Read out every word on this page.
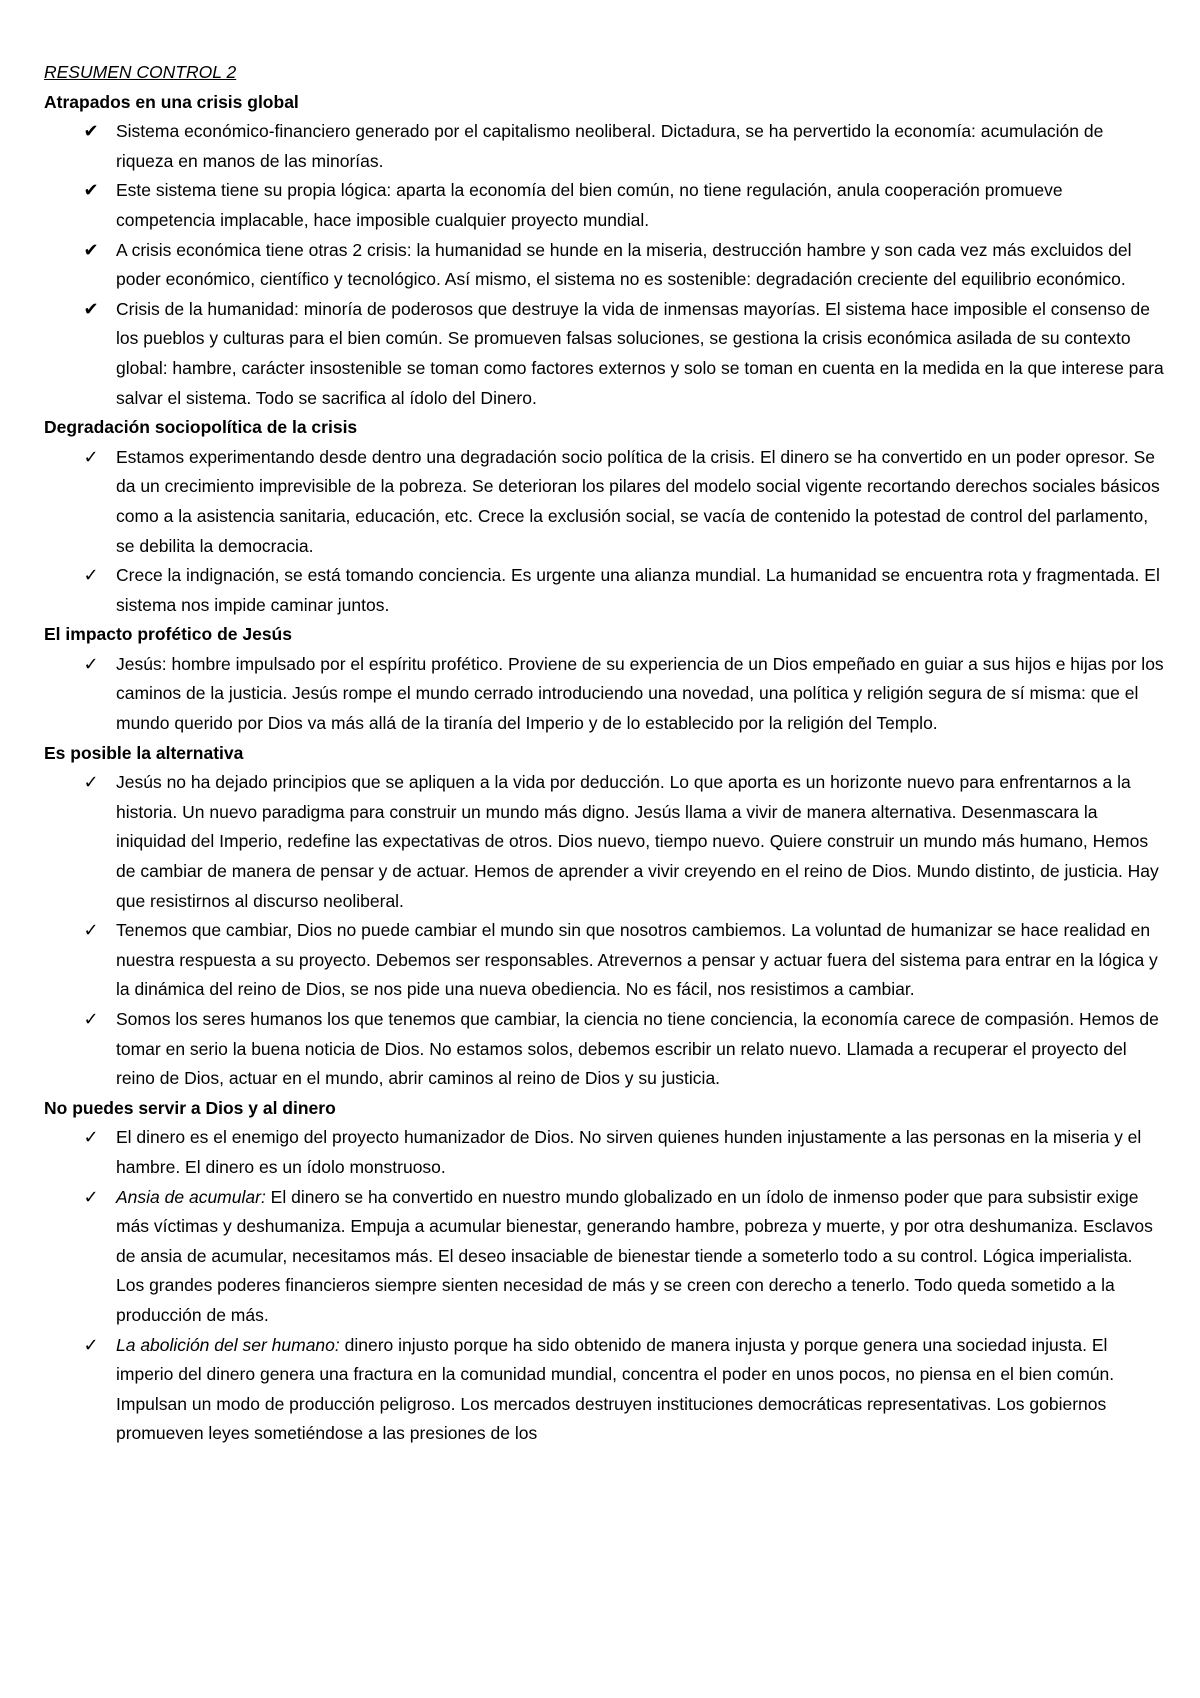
RESUMEN CONTROL 2

Atrapados en una crisis global

✔ Sistema económico-financiero generado por el capitalismo neoliberal. Dictadura, se ha pervertido la economía: acumulación de riqueza en manos de las minorías.
✔ Este sistema tiene su propia lógica: aparta la economía del bien común, no tiene regulación, anula cooperación promueve competencia implacable, hace imposible cualquier proyecto mundial.
✔ A crisis económica tiene otras 2 crisis: la humanidad se hunde en la miseria, destrucción hambre y son cada vez más excluidos del poder económico, científico y tecnológico. Así mismo, el sistema no es sostenible: degradación creciente del equilibrio económico.
✔ Crisis de la humanidad: minoría de poderosos que destruye la vida de inmensas mayorías. El sistema hace imposible el consenso de los pueblos y culturas para el bien común. Se promueven falsas soluciones, se gestiona la crisis económica asilada de su contexto global: hambre, carácter insostenible se toman como factores externos y solo se toman en cuenta en la medida en la que interese para salvar el sistema. Todo se sacrifica al ídolo del Dinero.

Degradación sociopolítica de la crisis

✓ Estamos experimentando desde dentro una degradación socio política de la crisis. El dinero se ha convertido en un poder opresor. Se da un crecimiento imprevisible de la pobreza. Se deterioran los pilares del modelo social vigente recortando derechos sociales básicos como a la asistencia sanitaria, educación, etc. Crece la exclusión social, se vacía de contenido la potestad de control del parlamento, se debilita la democracia.
✓ Crece la indignación, se está tomando conciencia. Es urgente una alianza mundial. La humanidad se encuentra rota y fragmentada. El sistema nos impide caminar juntos.

El impacto profético de Jesús

✓ Jesús: hombre impulsado por el espíritu profético. Proviene de su experiencia de un Dios empeñado en guiar a sus hijos e hijas por los caminos de la justicia. Jesús rompe el mundo cerrado introduciendo una novedad, una política y religión segura de sí misma: que el mundo querido por Dios va más allá de la tiranía del Imperio y de lo establecido por la religión del Templo.

Es posible la alternativa

✓ Jesús no ha dejado principios que se apliquen a la vida por deducción. Lo que aporta es un horizonte nuevo para enfrentarnos a la historia. Un nuevo paradigma para construir un mundo más digno. Jesús llama a vivir de manera alternativa. Desenmascara la iniquidad del Imperio, redefine las expectativas de otros. Dios nuevo, tiempo nuevo. Quiere construir un mundo más humano, Hemos de cambiar de manera de pensar y de actuar. Hemos de aprender a vivir creyendo en el reino de Dios. Mundo distinto, de justicia. Hay que resistirnos al discurso neoliberal.
✓ Tenemos que cambiar, Dios no puede cambiar el mundo sin que nosotros cambiemos. La voluntad de humanizar se hace realidad en nuestra respuesta a su proyecto. Debemos ser responsables. Atrevernos a pensar y actuar fuera del sistema para entrar en la lógica y la dinámica del reino de Dios, se nos pide una nueva obediencia. No es fácil, nos resistimos a cambiar.
✓ Somos los seres humanos los que tenemos que cambiar, la ciencia no tiene conciencia, la economía carece de compasión. Hemos de tomar en serio la buena noticia de Dios. No estamos solos, debemos escribir un relato nuevo. Llamada a recuperar el proyecto del reino de Dios, actuar en el mundo, abrir caminos al reino de Dios y su justicia.

No puedes servir a Dios y al dinero

✓ El dinero es el enemigo del proyecto humanizador de Dios. No sirven quienes hunden injustamente a las personas en la miseria y el hambre. El dinero es un ídolo monstruoso.
✓ Ansia de acumular: El dinero se ha convertido en nuestro mundo globalizado en un ídolo de inmenso poder que para subsistir exige más víctimas y deshumaniza. Empuja a acumular bienestar, generando hambre, pobreza y muerte, y por otra deshumaniza. Esclavos de ansia de acumular, necesitamos más. El deseo insaciable de bienestar tiende a someterlo todo a su control. Lógica imperialista. Los grandes poderes financieros siempre sienten necesidad de más y se creen con derecho a tenerlo. Todo queda sometido a la producción de más.
✓ La abolición del ser humano: dinero injusto porque ha sido obtenido de manera injusta y porque genera una sociedad injusta. El imperio del dinero genera una fractura en la comunidad mundial, concentra el poder en unos pocos, no piensa en el bien común. Impulsan un modo de producción peligroso. Los mercados destruyen instituciones democráticas representativas. Los gobiernos promueven leyes sometiéndose a las presiones de los
